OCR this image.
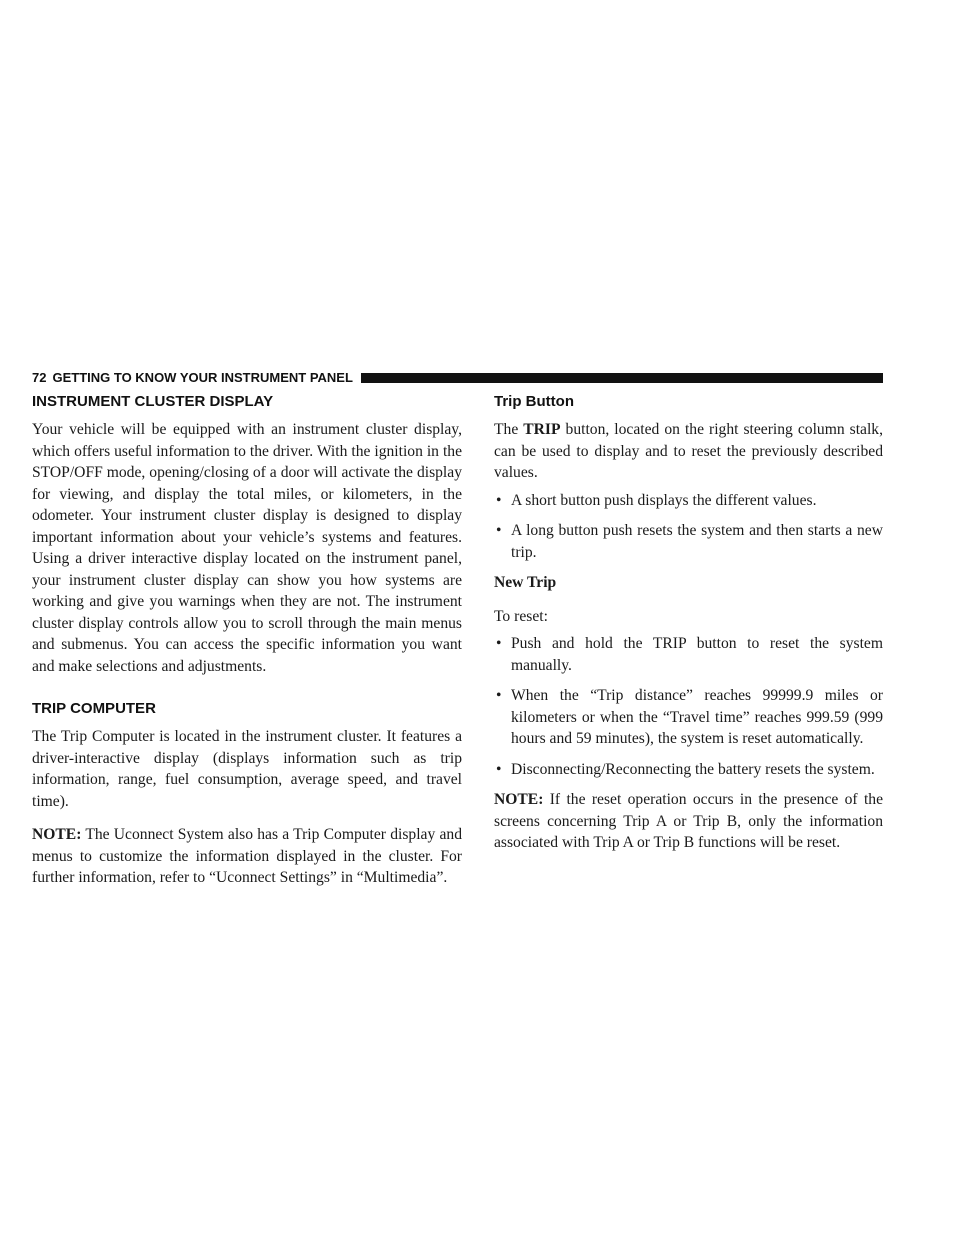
72 GETTING TO KNOW YOUR INSTRUMENT PANEL
INSTRUMENT CLUSTER DISPLAY

Your vehicle will be equipped with an instrument cluster display, which offers useful information to the driver. With the ignition in the STOP/OFF mode, opening/closing of a door will activate the display for viewing, and display the total miles, or kilometers, in the odometer. Your instrument cluster display is designed to display important information about your vehicle’s systems and features. Using a driver interactive display located on the instrument panel, your instrument cluster display can show you how systems are working and give you warnings when they are not. The instrument cluster display controls allow you to scroll through the main menus and submenus. You can access the specific information you want and make selections and adjustments.

TRIP COMPUTER

The Trip Computer is located in the instrument cluster. It features a driver-interactive display (displays information such as trip information, range, fuel consumption, average speed, and travel time).

NOTE: The Uconnect System also has a Trip Computer display and menus to customize the information displayed in the cluster. For further information, refer to “Uconnect Settings” in “Multimedia”.

Trip Button

The TRIP button, located on the right steering column stalk, can be used to display and to reset the previously described values.

• A short button push displays the different values.
• A long button push resets the system and then starts a new trip.
New Trip

To reset:

• Push and hold the TRIP button to reset the system manually.
• When the “Trip distance” reaches 99999.9 miles or kilometers or when the “Travel time” reaches 999.59 (999 hours and 59 minutes), the system is reset automatically.
• Disconnecting/Reconnecting the battery resets the system.

NOTE: If the reset operation occurs in the presence of the screens concerning Trip A or Trip B, only the information associated with Trip A or Trip B functions will be reset.
